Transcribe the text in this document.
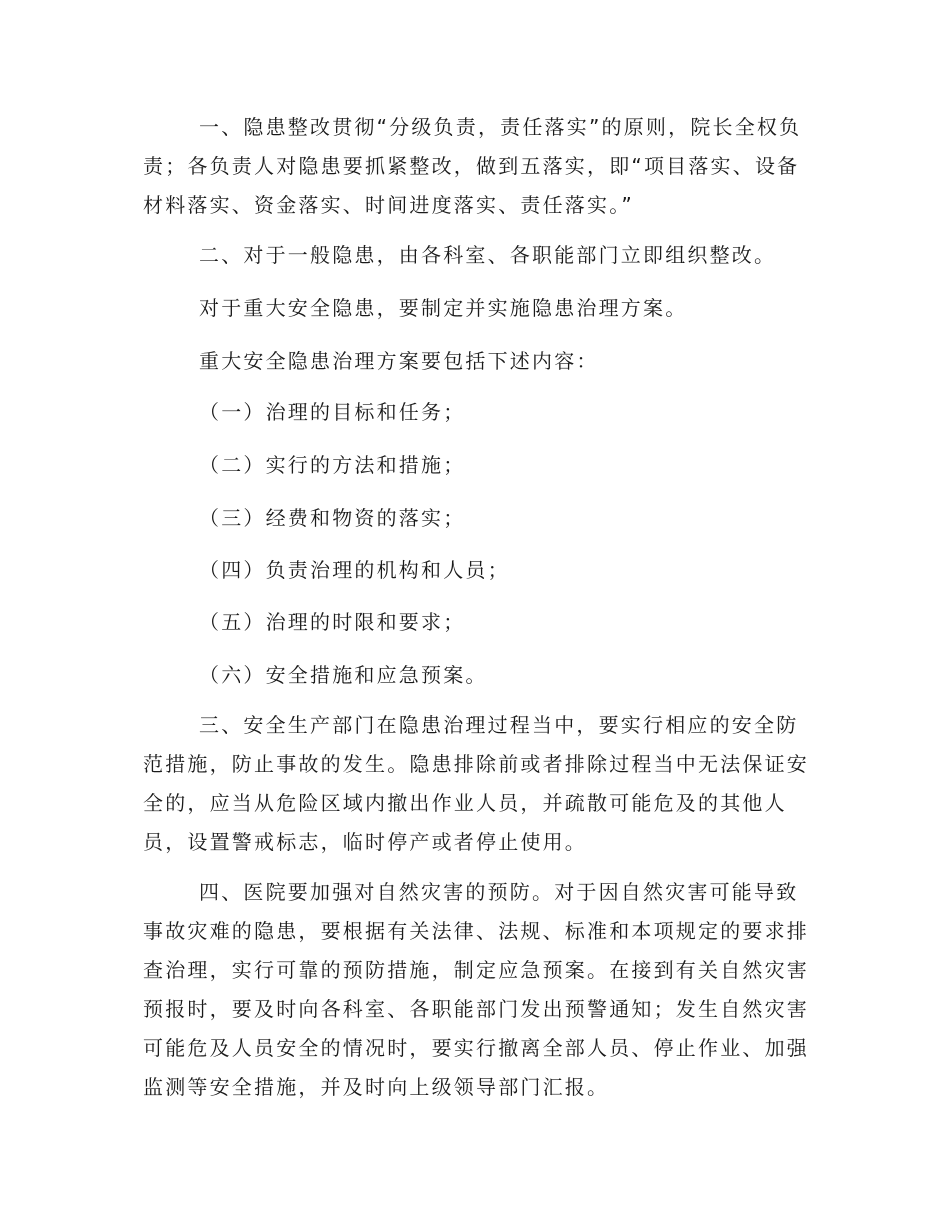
一、隐患整改贯彻“分级负责，责任落实”的原则，院长全权负责；各负责人对隐患要抓紧整改，做到五落实，即“项目落实、设备材料落实、资金落实、时间进度落实、责任落实。”

二、对于一般隐患，由各科室、各职能部门立即组织整改。

对于重大安全隐患，要制定并实施隐患治理方案。

重大安全隐患治理方案要包括下述内容：

（一）治理的目标和任务；

（二）实行的方法和措施；

（三）经费和物资的落实；

（四）负责治理的机构和人员；

（五）治理的时限和要求；

（六）安全措施和应急预案。

三、安全生产部门在隐患治理过程当中，要实行相应的安全防范措施，防止事故的发生。隐患排除前或者排除过程当中无法保证安全的，应当从危险区域内撤出作业人员，并疏散可能危及的其他人员，设置警戒标志，临时停产或者停止使用。

四、医院要加强对自然灾害的预防。对于因自然灾害可能导致事故灾难的隐患，要根据有关法律、法规、标准和本项规定的要求排查治理，实行可靠的预防措施，制定应急预案。在接到有关自然灾害预报时，要及时向各科室、各职能部门发出预警通知；发生自然灾害可能危及人员安全的情况时，要实行撤离全部人员、停止作业、加强监测等安全措施，并及时向上级领导部门汇报。
